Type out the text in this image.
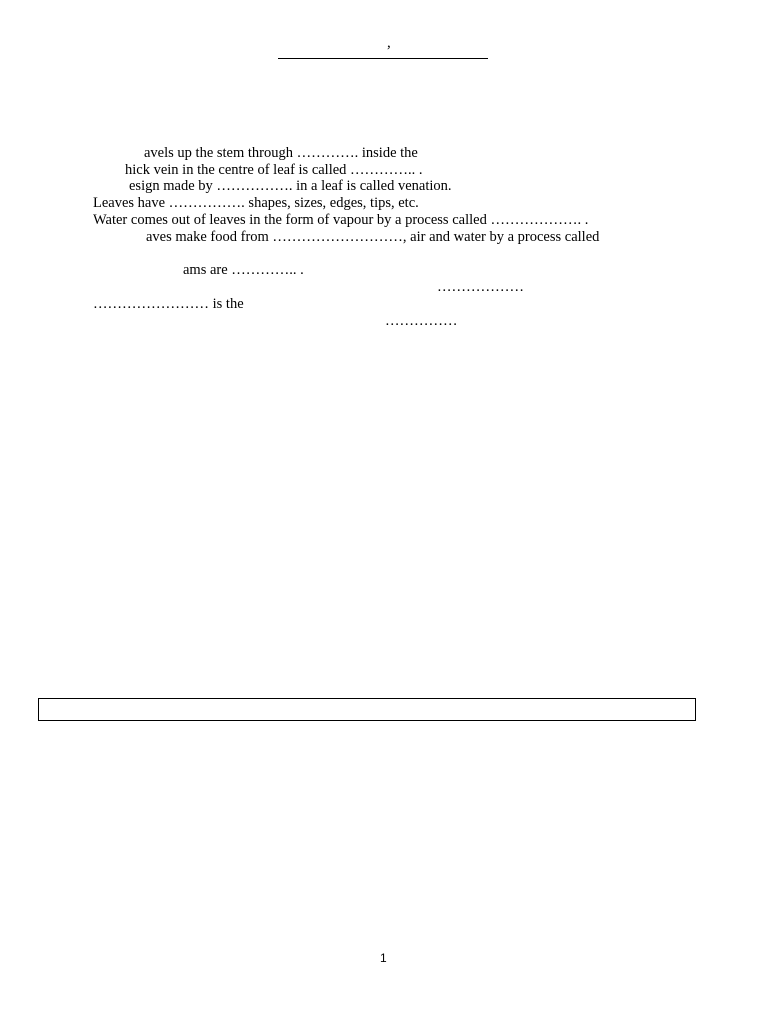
,
avels up the stem through …………. inside the
hick vein in the centre of leaf is called ………….. .
esign made by ……………. in a leaf is called venation.
Leaves have ……………. shapes, sizes, edges, tips, etc.
Water comes out of leaves in the form of vapour by a process called ………………. .
aves make food from ………………………, air and water by a process called
ams are ………….. .
………………
…………………… is the
……………
1
